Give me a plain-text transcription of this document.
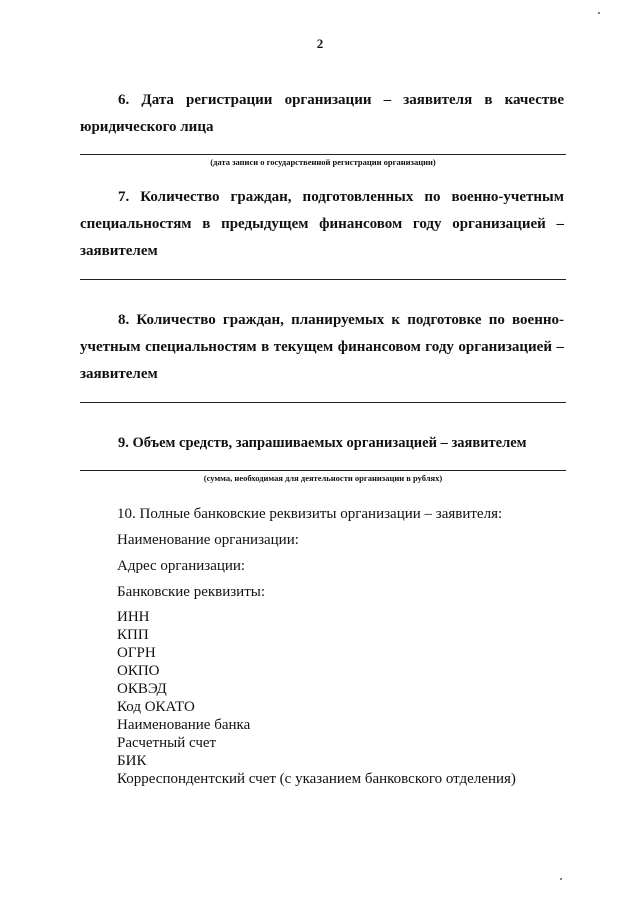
2
6. Дата регистрации организации – заявителя в качестве юридического лица
(дата записи о государственной регистрации организации)
7. Количество граждан, подготовленных по военно-учетным специальностям в предыдущем финансовом году организацией – заявителем
8. Количество граждан, планируемых к подготовке по военно-учетным специальностям в текущем финансовом году организацией – заявителем
9. Объем средств, запрашиваемых организацией – заявителем
(сумма, необходимая для деятельности организации в рублях)
10. Полные банковские реквизиты организации – заявителя:
Наименование организации:
Адрес организации:
Банковские реквизиты:
ИНН
КПП
ОГРН
ОКПО
ОКВЭД
Код ОКАТО
Наименование банка
Расчетный счет
БИК
Корреспондентский счет (с указанием банковского отделения)
